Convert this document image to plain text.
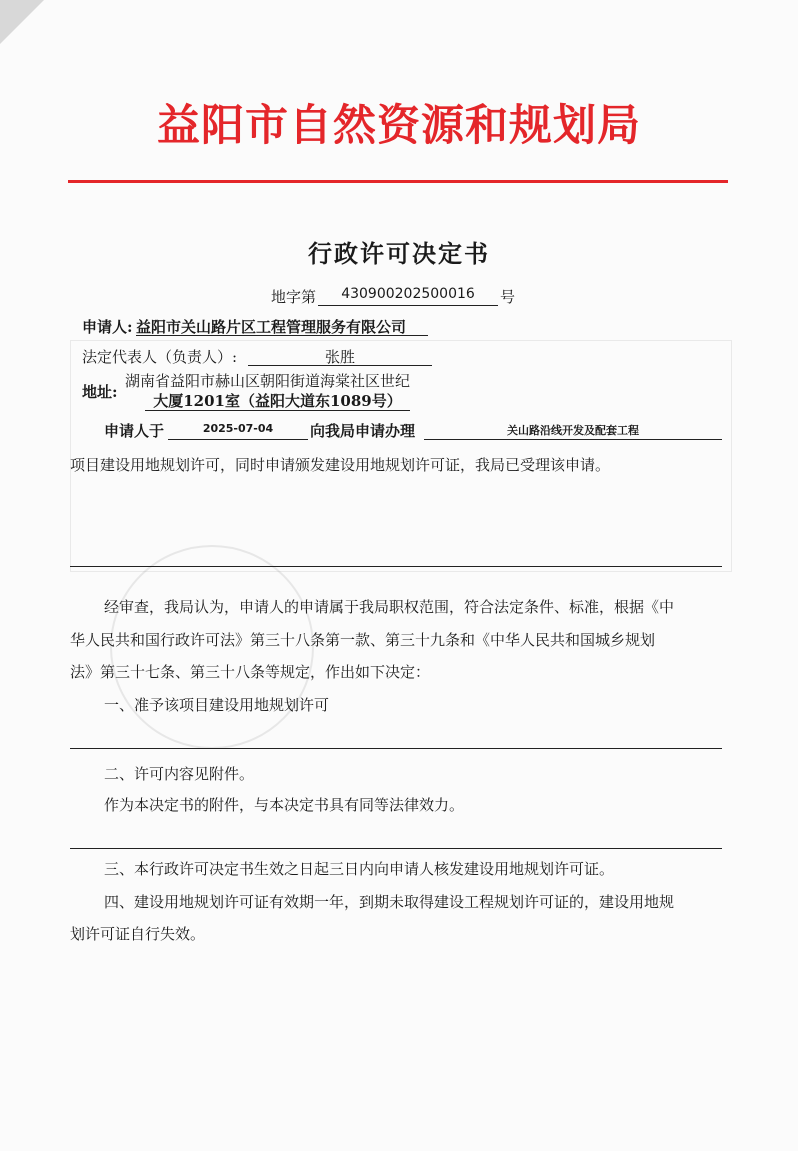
益阳市自然资源和规划局
行政许可决定书
地字第	430900202500016	号
申请人: 益阳市关山路片区工程管理服务有限公司
法定代表人（负责人）:	张胜
地址:
湖南省益阳市赫山区朝阳街道海棠社区世纪
大厦1201室（益阳大道东1089号）
申请人于	2025-07-04	向我局申请办理	关山路沿线开发及配套工程
项目建设用地规划许可，同时申请颁发建设用地规划许可证，我局已受理该申请。
经审查，我局认为，申请人的申请属于我局职权范围，符合法定条件、标准，根据《中
华人民共和国行政许可法》第三十八条第一款、第三十九条和《中华人民共和国城乡规划
法》第三十七条、第三十八条等规定，作出如下决定：
一、准予该项目建设用地规划许可
二、许可内容见附件。
作为本决定书的附件，与本决定书具有同等法律效力。
三、本行政许可决定书生效之日起三日内向申请人核发建设用地规划许可证。
四、建设用地规划许可证有效期一年，到期未取得建设工程规划许可证的，建设用地规
划许可证自行失效。
